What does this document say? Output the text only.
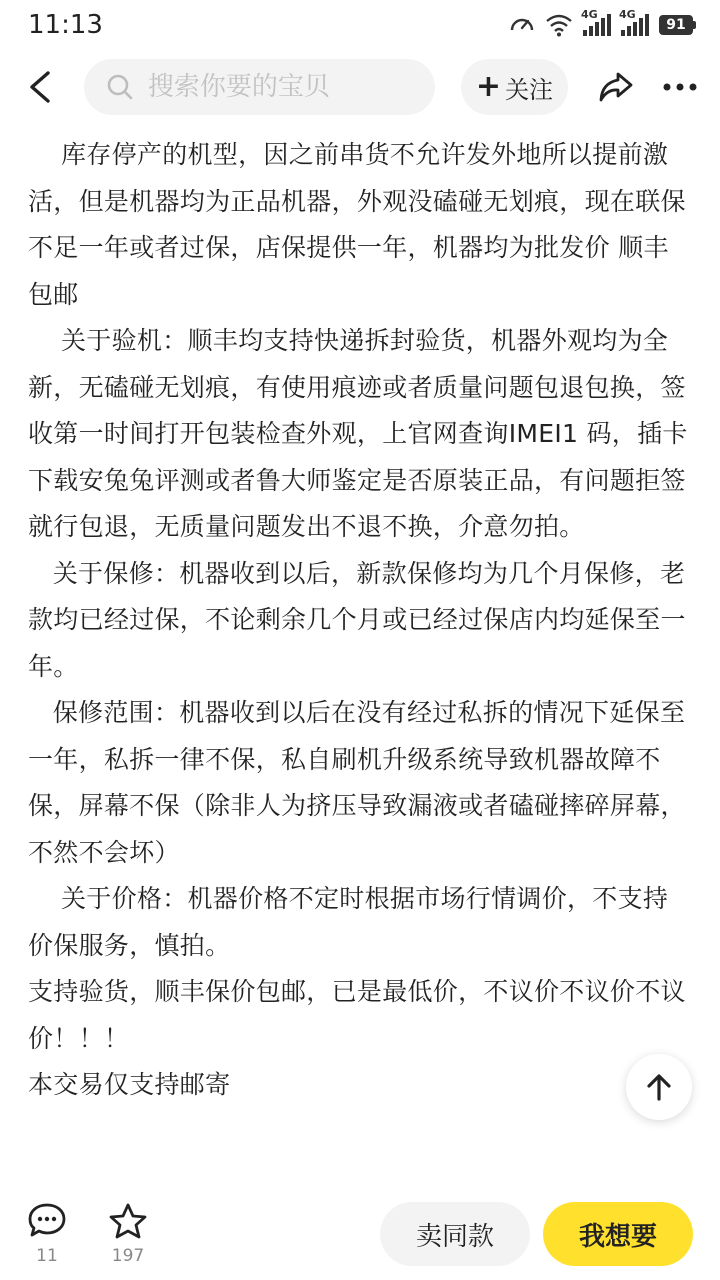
11:13	4G 4G
91
搜索你要的宝贝
+ 关注

库存停产的机型，因之前串货不允许发外地所以提前激活，但是机器均为正品机器，外观没磕碰无划痕，现在联保不足一年或者过保，店保提供一年，机器均为批发价 顺丰包邮

关于验机：顺丰均支持快递拆封验货，机器外观均为全新，无磕碰无划痕，有使用痕迹或者质量问题包退包换，签收第一时间打开包装检查外观，上官网查询IMEI1 码，插卡下载安兔兔评测或者鲁大师鉴定是否原装正品，有问题拒签就行包退，无质量问题发出不退不换，介意勿拍。

关于保修：机器收到以后，新款保修均为几个月保修，老款均已经过保，不论剩余几个月或已经过保店内均延保至一年。

保修范围：机器收到以后在没有经过私拆的情况下延保至一年，私拆一律不保，私自刷机升级系统导致机器故障不保，屏幕不保（除非人为挤压导致漏液或者磕碰摔碎屏幕，不然不会坏）

关于价格：机器价格不定时根据市场行情调价，不支持价保服务，慎拍。

支持验货，顺丰保价包邮，已是最低价，不议价不议价不议价！！！

本交易仅支持邮寄

11	197
卖同款	我想要
